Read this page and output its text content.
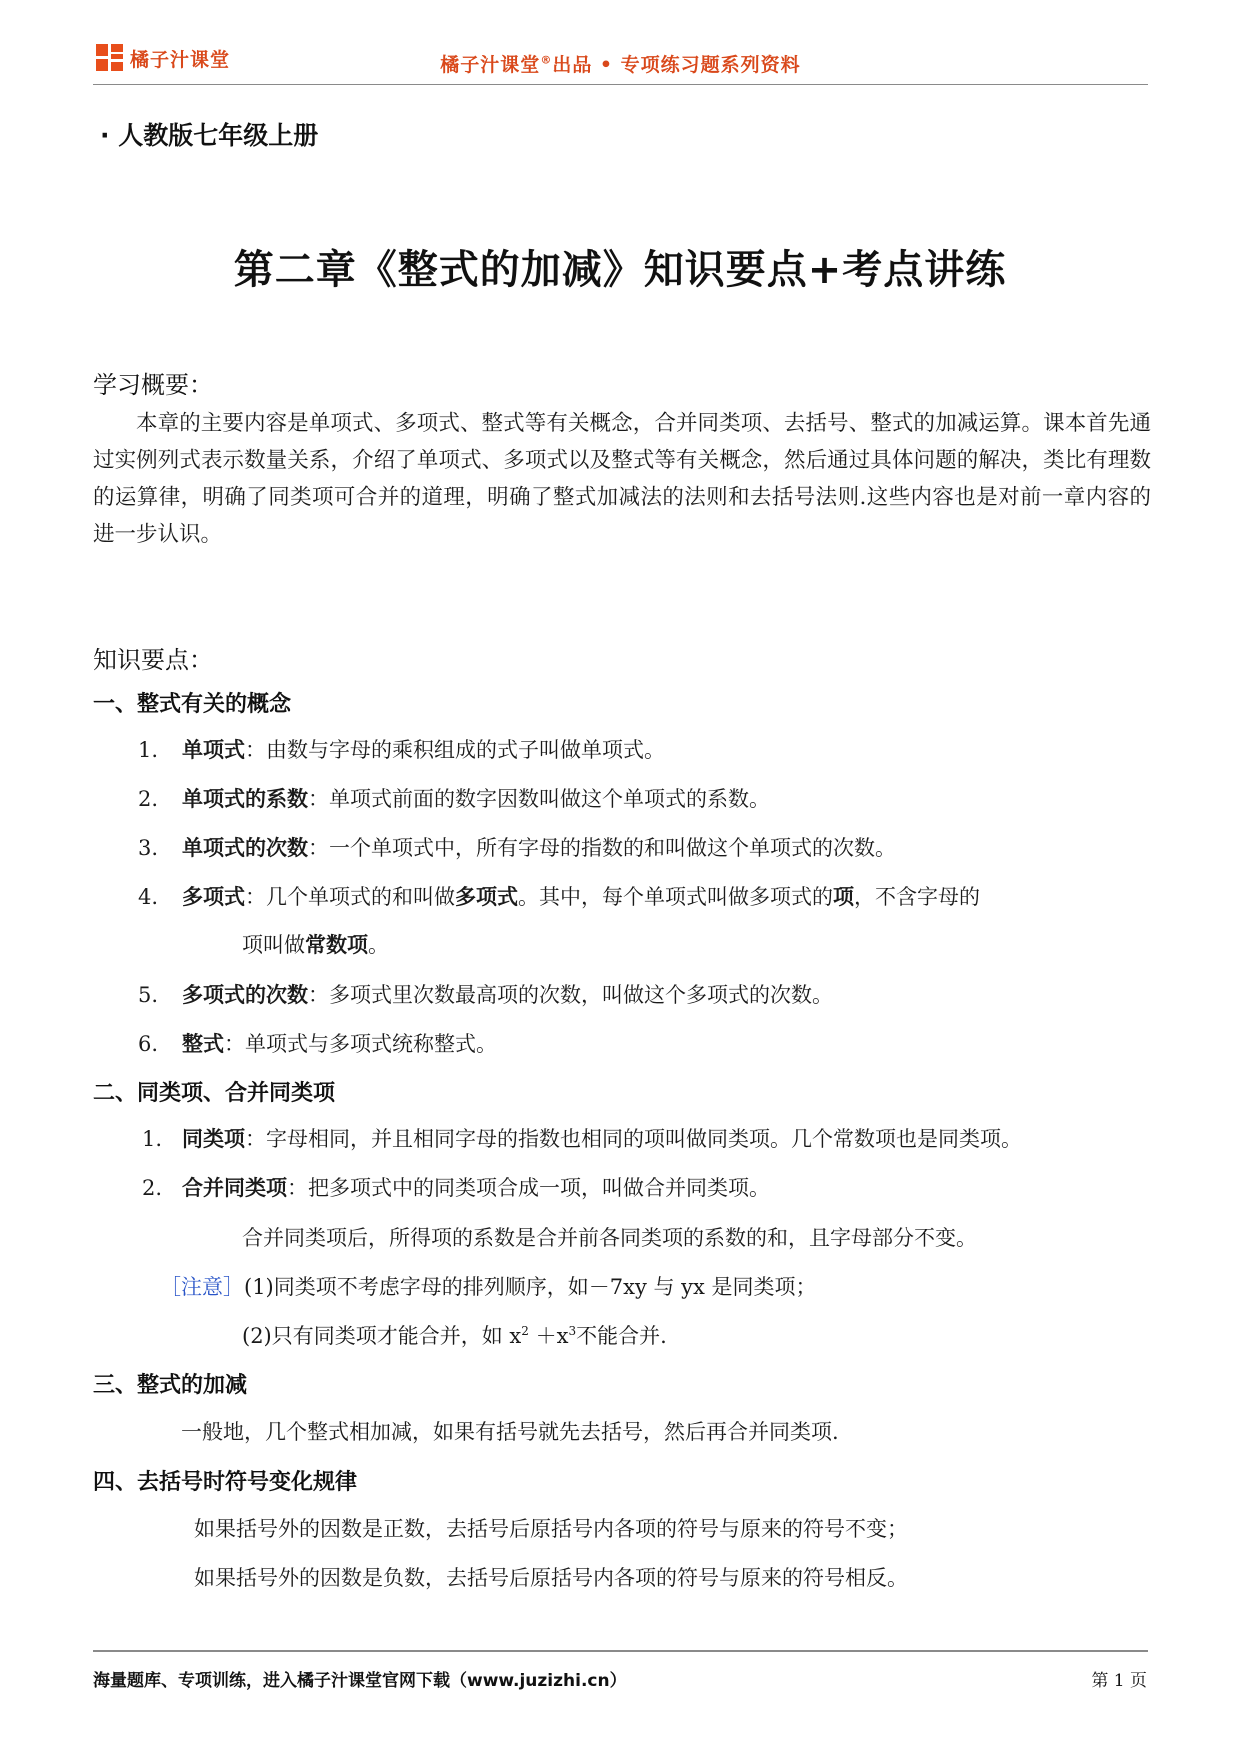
橘子汁课堂	橘子汁课堂®出品 • 专项练习题系列资料
· 人教版七年级上册
第二章《整式的加减》知识要点+考点讲练
学习概要：
本章的主要内容是单项式、多项式、整式等有关概念，合并同类项、去括号、整式的加减运算。课本首先通过实例列式表示数量关系，介绍了单项式、多项式以及整式等有关概念，然后通过具体问题的解决，类比有理数的运算律，明确了同类项可合并的道理，明确了整式加减法的法则和去括号法则.这些内容也是对前一章内容的进一步认识。
知识要点：
一、整式有关的概念
1. 单项式：由数与字母的乘积组成的式子叫做单项式。
2. 单项式的系数：单项式前面的数字因数叫做这个单项式的系数。
3. 单项式的次数：一个单项式中，所有字母的指数的和叫做这个单项式的次数。
4. 多项式：几个单项式的和叫做多项式。其中，每个单项式叫做多项式的项，不含字母的
项叫做常数项。
5. 多项式的次数：多项式里次数最高项的次数，叫做这个多项式的次数。
6. 整式：单项式与多项式统称整式。
二、同类项、合并同类项
1. 同类项：字母相同，并且相同字母的指数也相同的项叫做同类项。几个常数项也是同类项。
2. 合并同类项：把多项式中的同类项合成一项，叫做合并同类项。
合并同类项后，所得项的系数是合并前各同类项的系数的和，且字母部分不变。
［注意］(1)同类项不考虑字母的排列顺序，如－7xy 与 yx 是同类项；
(2)只有同类项才能合并，如 $x^2 +x^3$不能合并.
三、整式的加减
一般地，几个整式相加减，如果有括号就先去括号，然后再合并同类项.
四、去括号时符号变化规律
如果括号外的因数是正数，去括号后原括号内各项的符号与原来的符号不变；
如果括号外的因数是负数，去括号后原括号内各项的符号与原来的符号相反。
海量题库、专项训练，进入橘子汁课堂官网下载（www.juzizhi.cn）	第 1 页
